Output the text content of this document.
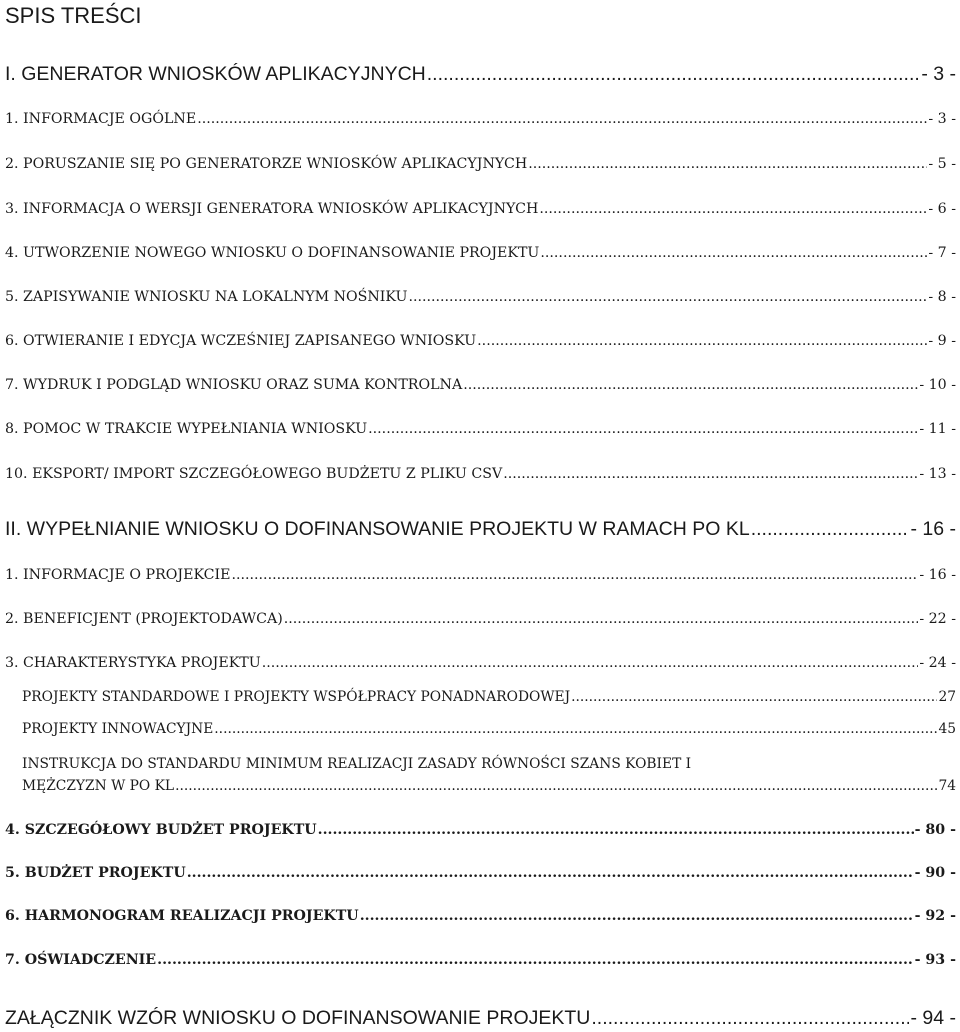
SPIS TREŚCI
I. GENERATOR WNIOSKÓW APLIKACYJNYCH .....	- 3 -
1. INFORMACJE OGÓLNE .....	- 3 -
2. PORUSZANIE SIĘ PO GENERATORZE WNIOSKÓW APLIKACYJNYCH .....	- 5 -
3. INFORMACJA O WERSJI GENERATORA WNIOSKÓW APLIKACYJNYCH .....	- 6 -
4. UTWORZENIE NOWEGO WNIOSKU O DOFINANSOWANIE PROJEKTU .....	- 7 -
5. ZAPISYWANIE WNIOSKU NA LOKALNYM NOŚNIKU .....	- 8 -
6. OTWIERANIE I EDYCJA WCZEŚNIEJ ZAPISANEGO WNIOSKU .....	- 9 -
7. WYDRUK I PODGLĄD WNIOSKU ORAZ SUMA KONTROLNA .....	- 10 -
8. POMOC W TRAKCIE WYPEŁNIANIA WNIOSKU .....	- 11 -
10. EKSPORT/ IMPORT SZCZEGÓŁOWEGO BUDŻETU Z PLIKU CSV .....	- 13 -
II. WYPEŁNIANIE WNIOSKU O DOFINANSOWANIE PROJEKTU W RAMACH PO KL .....	- 16 -
1. INFORMACJE O PROJEKCIE .....	- 16 -
2. BENEFICJENT (PROJEKTODAWCA) .....	- 22 -
3. CHARAKTERYSTYKA PROJEKTU .....	- 24 -
PROJEKTY STANDARDOWE I PROJEKTY WSPÓŁPRACY PONADNARODOWEJ .....	27
PROJEKTY INNOWACYJNE .....	45
INSTRUKCJA DO STANDARDU MINIMUM REALIZACJI ZASADY RÓWNOŚCI SZANS KOBIET I
MĘŻCZYZN W PO KL .....	74
4. SZCZEGÓŁOWY BUDŻET PROJEKTU .....	- 80 -
5. BUDŻET PROJEKTU .....	- 90 -
6. HARMONOGRAM REALIZACJI PROJEKTU .....	- 92 -
7. OŚWIADCZENIE .....	- 93 -
ZAŁĄCZNIK WZÓR WNIOSKU O DOFINANSOWANIE PROJEKTU .....	- 94 -
